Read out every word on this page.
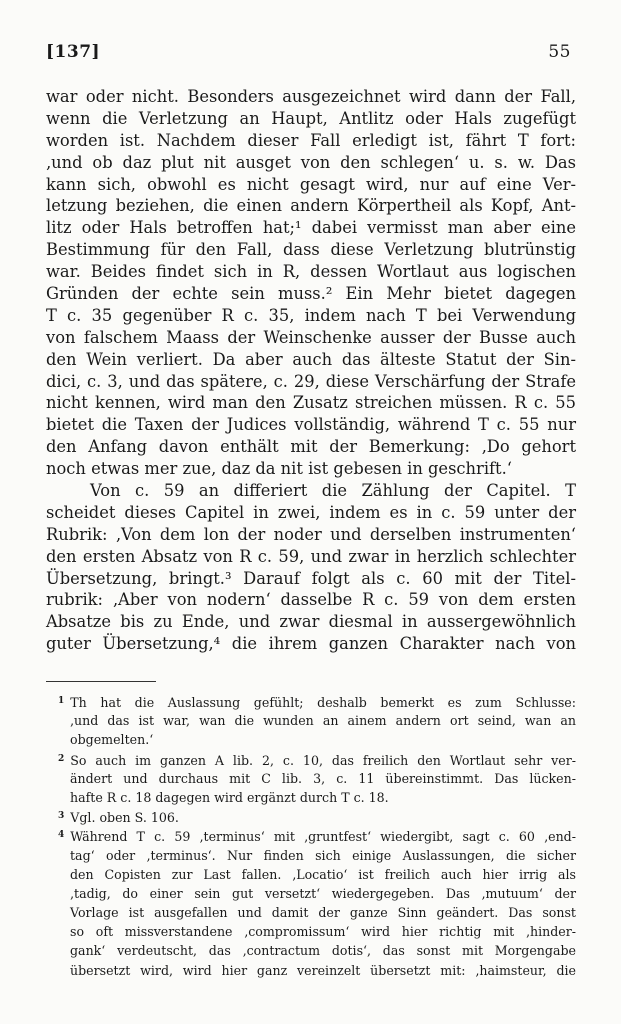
[137]	55
war oder nicht. Besonders ausgezeichnet wird dann der Fall,
wenn die Verletzung an Haupt, Antlitz oder Hals zugefügt
worden ist. Nachdem dieser Fall erledigt ist, fährt T fort:
‚und ob daz plut nit ausget von den schlegen‘ u. s. w. Das
kann sich, obwohl es nicht gesagt wird, nur auf eine Ver-
letzung beziehen, die einen andern Körpertheil als Kopf, Ant-
litz oder Hals betroffen hat;¹ dabei vermisst man aber eine
Bestimmung für den Fall, dass diese Verletzung blutrünstig
war. Beides findet sich in R, dessen Wortlaut aus logischen
Gründen der echte sein muss.² Ein Mehr bietet dagegen
T c. 35 gegenüber R c. 35, indem nach T bei Verwendung
von falschem Maass der Weinschenke ausser der Busse auch
den Wein verliert. Da aber auch das älteste Statut der Sin-
dici, c. 3, und das spätere, c. 29, diese Verschärfung der Strafe
nicht kennen, wird man den Zusatz streichen müssen. R c. 55
bietet die Taxen der Judices vollständig, während T c. 55 nur
den Anfang davon enthält mit der Bemerkung: ‚Do gehort
noch etwas mer zue, daz da nit ist gebesen in geschrift.‘
Von c. 59 an differiert die Zählung der Capitel. T
scheidet dieses Capitel in zwei, indem es in c. 59 unter der
Rubrik: ‚Von dem lon der noder und derselben instrumenten‘
den ersten Absatz von R c. 59, und zwar in herzlich schlechter
Übersetzung, bringt.³ Darauf folgt als c. 60 mit der Titel-
rubrik: ‚Aber von nodern‘ dasselbe R c. 59 von dem ersten
Absatze bis zu Ende, und zwar diesmal in aussergewöhnlich
guter Übersetzung,⁴ die ihrem ganzen Charakter nach von
$^1$ Th hat die Auslassung gefühlt; deshalb bemerkt es zum Schlusse:
‚und das ist war, wan die wunden an ainem andern ort seind, wan an
obgemelten.‘
$^2$ So auch im ganzen A lib. 2, c. 10, das freilich den Wortlaut sehr ver-
ändert und durchaus mit C lib. 3, c. 11 übereinstimmt. Das lücken-
hafte R c. 18 dagegen wird ergänzt durch T c. 18.
$^3$ Vgl. oben S. 106.
$^4$ Während T c. 59 ‚terminus‘ mit ‚gruntfest‘ wiedergibt, sagt c. 60 ‚end-
tag‘ oder ‚terminus‘. Nur finden sich einige Auslassungen, die sicher
den Copisten zur Last fallen. ‚Locatio‘ ist freilich auch hier irrig als
‚tadig, do einer sein gut versetzt‘ wiedergegeben. Das ‚mutuum‘ der
Vorlage ist ausgefallen und damit der ganze Sinn geändert. Das sonst
so oft missverstandene ‚compromissum‘ wird hier richtig mit ‚hinder-
gank‘ verdeutscht, das ‚contractum dotis‘, das sonst mit Morgengabe
übersetzt wird, wird hier ganz vereinzelt übersetzt mit: ‚haimsteur, die
